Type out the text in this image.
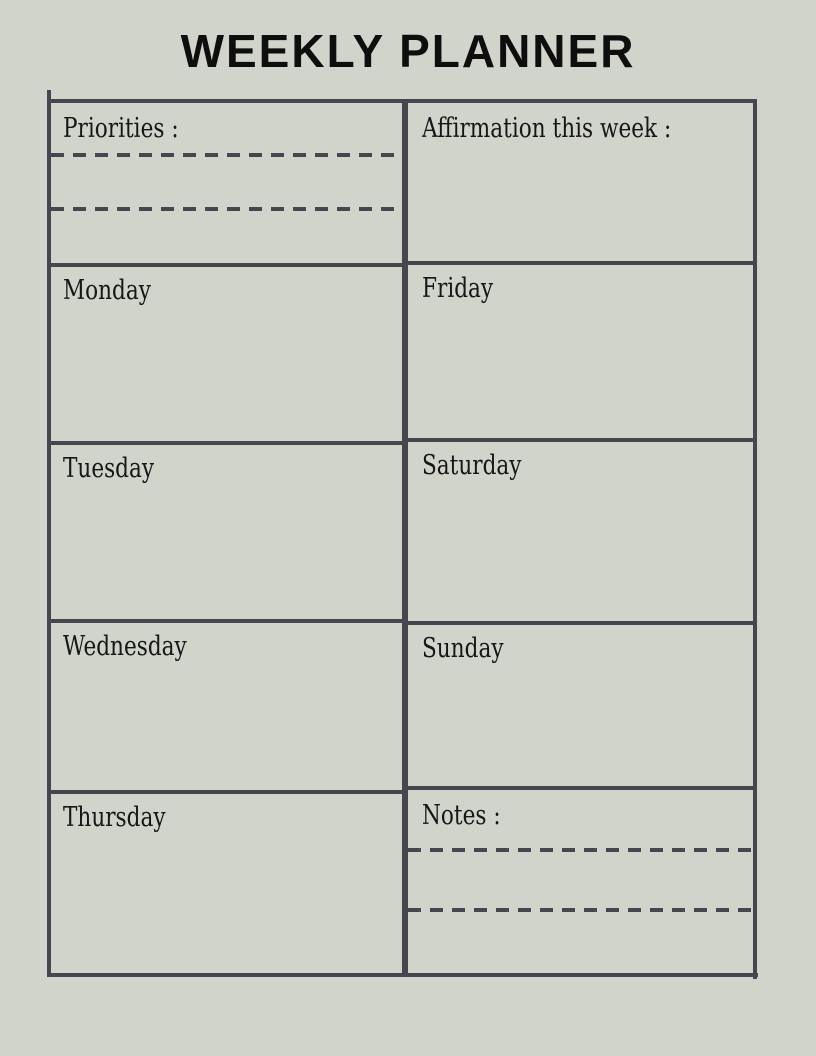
WEEKLY PLANNER
Priorities :
Monday
Tuesday
Wednesday
Thursday
Affirmation this week :
Friday
Saturday
Sunday
Notes :
